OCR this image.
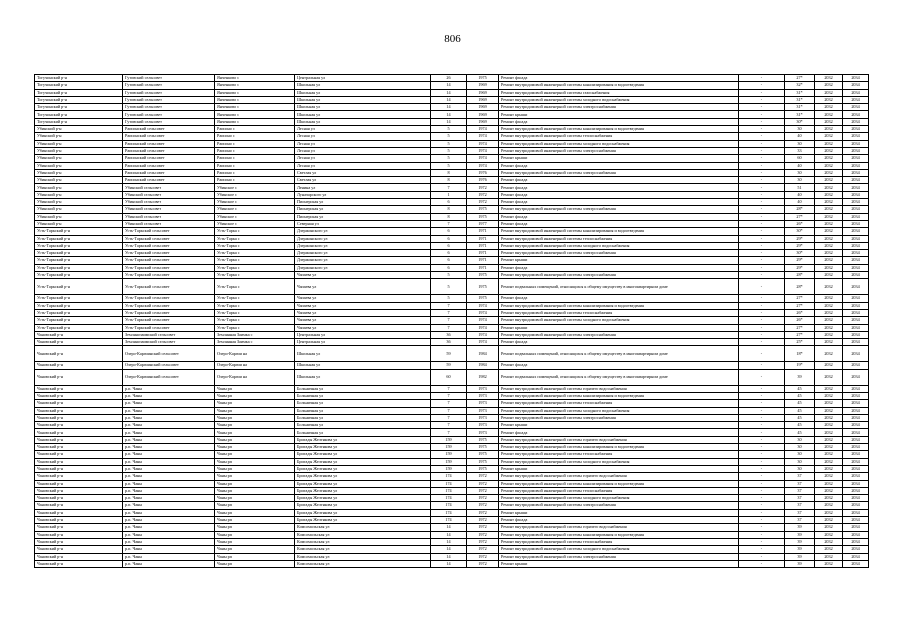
806
Тогучинский р-н	Гутовский сельсовет	Янченково с	Центральная ул	26	1975	Ремонт фасада	-	27*	2032	2034
Тогучинский р-н	Гутовский сельсовет	Янченково с	Школьная ул	14	1969	Ремонт внутридомовой инженерной системы канализирования и водоотведения	-	32*	2032	2034
Тогучинский р-н	Гутовский сельсовет	Янченково с	Школьная ул	14	1969	Ремонт внутридомовой инженерной системы газоснабжения	-	31*	2032	2034
Тогучинский р-н	Гутовский сельсовет	Янченково с	Школьная ул	14	1969	Ремонт внутридомовой инженерной системы холодного водоснабжения	-	31*	2032	2034
Тогучинский р-н	Гутовский сельсовет	Янченково с	Школьная ул	14	1969	Ремонт внутридомовой инженерной системы электроснабжения	-	31*	2032	2034
Тогучинский р-н	Гутовский сельсовет	Янченково с	Школьная ул	14	1969	Ремонт крыши	-	31*	2032	2034
Тогучинский р-н	Гутовский сельсовет	Янченково с	Школьная ул	14	1969	Ремонт фасада	-	30*	2032	2034
Убинский р-н	Раисинский сельсовет	Раисино с	Лесная ул	5	1974	Ремонт внутридомовой инженерной системы канализирования и водоотведения	-	30	2032	2034
Убинский р-н	Раисинский сельсовет	Раисино с	Лесная ул	5	1974	Ремонт внутридомовой инженерной системы теплоснабжения	-	40	2032	2034
Убинский р-н	Раисинский сельсовет	Раисино с	Лесная ул	5	1974	Ремонт внутридомовой инженерной системы холодного водоснабжения	-	30	2032	2034
Убинский р-н	Раисинский сельсовет	Раисино с	Лесная ул	5	1974	Ремонт внутридомовой инженерной системы электроснабжения	-	33	2032	2034
Убинский р-н	Раисинский сельсовет	Раисино с	Лесная ул	5	1974	Ремонт крыши	-	60	2032	2034
Убинский р-н	Раисинский сельсовет	Раисино с	Лесная ул	5	1974	Ремонт фасада	-	40	2032	2034
Убинский р-н	Раисинский сельсовет	Раисино с	Светлая ул	8	1976	Ремонт внутридомовой инженерной системы электроснабжения	-	30	2032	2034
Убинский р-н	Раисинский сельсовет	Раисино с	Светлая ул	8	1976	Ремонт фасада	-	30	2032	2034
Убинский р-н	Убинский сельсовет	Убинское с	Ленина ул	7	1972	Ремонт фасада	-	51	2032	2034
Убинский р-н	Убинский сельсовет	Убинское с	Луначарского ул	1	1972	Ремонт фасада	-	40	2032	2034
Убинский р-н	Убинский сельсовет	Убинское с	Пионерская ул	6	1972	Ремонт фасада	-	40	2032	2034
Убинский р-н	Убинский сельсовет	Убинское с	Пионерская ул	8	1975	Ремонт внутридомовой инженерной системы электроснабжения	-	28*	2032	2034
Убинский р-н	Убинский сельсовет	Убинское с	Пионерская ул	8	1975	Ремонт фасада	-	27*	2032	2034
Убинский р-н	Убинский сельсовет	Убинское с	Северная ул	7	1977	Ремонт фасада	-	26*	2032	2034
Усть-Таркский р-н	Усть-Таркский сельсовет	Усть-Тарка с	Дзержинского ул	6	1971	Ремонт внутридомовой инженерной системы канализирования и водоотведения	-	30*	2032	2034
Усть-Таркский р-н	Усть-Таркский сельсовет	Усть-Тарка с	Дзержинского ул	6	1971	Ремонт внутридомовой инженерной системы теплоснабжения	-	29*	2032	2034
Усть-Таркский р-н	Усть-Таркский сельсовет	Усть-Тарка с	Дзержинского ул	6	1971	Ремонт внутридомовой инженерной системы холодного водоснабжения	-	29*	2032	2034
Усть-Таркский р-н	Усть-Таркский сельсовет	Усть-Тарка с	Дзержинского ул	6	1971	Ремонт внутридомовой инженерной системы электроснабжения	-	30*	2032	2034
Усть-Таркский р-н	Усть-Таркский сельсовет	Усть-Тарка с	Дзержинского ул	6	1971	Ремонт крыши	-	29*	2032	2034
Усть-Таркский р-н	Усть-Таркский сельсовет	Усть-Тарка с	Дзержинского ул	6	1971	Ремонт фасада	-	29*	2032	2034
Усть-Таркский р-н	Усть-Таркский сельсовет	Усть-Тарка с	Чапаева ул	5	1975	Ремонт внутридомовой инженерной системы электроснабжения	-	28*	2032	2034
Усть-Таркский р-н	Усть-Таркский сельсовет	Усть-Тарка с	Чапаева ул	5	1975	Ремонт подвальных помещений, относящихся к общему имуществу в многоквартирном доме	-	28*	2032	2034
Усть-Таркский р-н	Усть-Таркский сельсовет	Усть-Тарка с	Чапаева ул	5	1975	Ремонт фасада	-	27*	2032	2034
Усть-Таркский р-н	Усть-Таркский сельсовет	Усть-Тарка с	Чапаева ул	7	1974	Ремонт внутридомовой инженерной системы канализирования и водоотведения	-	27*	2032	2034
Усть-Таркский р-н	Усть-Таркский сельсовет	Усть-Тарка с	Чапаева ул	7	1974	Ремонт внутридомовой инженерной системы теплоснабжения	-	26*	2032	2034
Усть-Таркский р-н	Усть-Таркский сельсовет	Усть-Тарка с	Чапаева ул	7	1974	Ремонт внутридомовой инженерной системы холодного водоснабжения	-	26*	2032	2034
Усть-Таркский р-н	Усть-Таркский сельсовет	Усть-Тарка с	Чапаева ул	7	1974	Ремонт крыши	-	27*	2032	2034
Чановский р-н	Землянозаимский сельсовет	Землянная Заимка с	Центральная ул	36	1974	Ремонт внутридомовой инженерной системы электроснабжения	-	27*	2032	2034
Чановский р-н	Землянозаимский сельсовет	Землянная Заимка с	Центральная ул	36	1974	Ремонт фасада	-	25*	2032	2034
Чановский р-н	Озеро-Карачинский сельсовет	Озеро-Карачи на	Школьная ул	59	1984	Ремонт подвальных помещений, относящихся к общему имуществу в многоквартирном доме	-	18*	2032	2034
Чановский р-н	Озеро-Карачинский сельсовет	Озеро-Карачи на	Школьная ул	59	1984	Ремонт фасада	-	19*	2032	2034
Чановский р-н	Озеро-Карачинский сельсовет	Озеро-Карачи на	Школьная ул	60	1982	Ремонт подвальных помещений, относящихся к общему имуществу в многоквартирном доме	-	39	2032	2034
Чановский р-н	р.п. Чаны	Чаны рп	Больничная ул	7	1973	Ремонт внутридомовой инженерной системы горячего водоснабжения	-	45	2032	2034
Чановский р-н	р.п. Чаны	Чаны рп	Больничная ул	7	1973	Ремонт внутридомовой инженерной системы канализирования и водоотведения	-	45	2032	2034
Чановский р-н	р.п. Чаны	Чаны рп	Больничная ул	7	1973	Ремонт внутридомовой инженерной системы теплоснабжения	-	45	2032	2034
Чановский р-н	р.п. Чаны	Чаны рп	Больничная ул	7	1973	Ремонт внутридомовой инженерной системы холодного водоснабжения	-	45	2032	2034
Чановский р-н	р.п. Чаны	Чаны рп	Больничная ул	7	1973	Ремонт внутридомовой инженерной системы электроснабжения	-	45	2032	2034
Чановский р-н	р.п. Чаны	Чаны рп	Больничная ул	7	1973	Ремонт крыши	-	45	2032	2034
Чановский р-н	р.п. Чаны	Чаны рп	Больничная ул	7	1973	Ремонт фасада	-	45	2032	2034
Чановский р-н	р.п. Чаны	Чаны рп	Бригады Желтякова ул	159	1975	Ремонт внутридомовой инженерной системы горячего водоснабжения	-	30	2032	2034
Чановский р-н	р.п. Чаны	Чаны рп	Бригады Желтякова ул	159	1975	Ремонт внутридомовой инженерной системы канализирования и водоотведения	-	30	2032	2034
Чановский р-н	р.п. Чаны	Чаны рп	Бригады Желтякова ул	159	1975	Ремонт внутридомовой инженерной системы теплоснабжения	-	30	2032	2034
Чановский р-н	р.п. Чаны	Чаны рп	Бригады Желтякова ул	159	1975	Ремонт внутридомовой инженерной системы холодного водоснабжения	-	30	2032	2034
Чановский р-н	р.п. Чаны	Чаны рп	Бригады Желтякова ул	159	1975	Ремонт крыши	-	30	2032	2034
Чановский р-н	р.п. Чаны	Чаны рп	Бригады Желтякова ул	174	1972	Ремонт внутридомовой инженерной системы горячего водоснабжения	-	37	2032	2034
Чановский р-н	р.п. Чаны	Чаны рп	Бригады Желтякова ул	174	1972	Ремонт внутридомовой инженерной системы канализирования и водоотведения	-	37	2032	2034
Чановский р-н	р.п. Чаны	Чаны рп	Бригады Желтякова ул	174	1972	Ремонт внутридомовой инженерной системы теплоснабжения	-	37	2032	2034
Чановский р-н	р.п. Чаны	Чаны рп	Бригады Желтякова ул	174	1972	Ремонт внутридомовой инженерной системы холодного водоснабжения	-	37	2032	2034
Чановский р-н	р.п. Чаны	Чаны рп	Бригады Желтякова ул	174	1972	Ремонт внутридомовой инженерной системы электроснабжения	-	37	2032	2034
Чановский р-н	р.п. Чаны	Чаны рп	Бригады Желтякова ул	174	1972	Ремонт крыши	-	37	2032	2034
Чановский р-н	р.п. Чаны	Чаны рп	Бригады Желтякова ул	174	1972	Ремонт фасада	-	37	2032	2034
Чановский р-н	р.п. Чаны	Чаны рп	Комсомольская ул	14	1972	Ремонт внутридомовой инженерной системы горячего водоснабжения	-	39	2032	2034
Чановский р-н	р.п. Чаны	Чаны рп	Комсомольская ул	14	1972	Ремонт внутридомовой инженерной системы канализирования и водоотведения	-	39	2032	2034
Чановский р-н	р.п. Чаны	Чаны рп	Комсомольская ул	14	1972	Ремонт внутридомовой инженерной системы теплоснабжения	-	39	2032	2034
Чановский р-н	р.п. Чаны	Чаны рп	Комсомольская ул	14	1972	Ремонт внутридомовой инженерной системы холодного водоснабжения	-	39	2032	2034
Чановский р-н	р.п. Чаны	Чаны рп	Комсомольская ул	14	1972	Ремонт внутридомовой инженерной системы электроснабжения	-	39	2032	2034
Чановский р-н	р.п. Чаны	Чаны рп	Комсомольская ул	14	1972	Ремонт крыши	-	39	2032	2034
